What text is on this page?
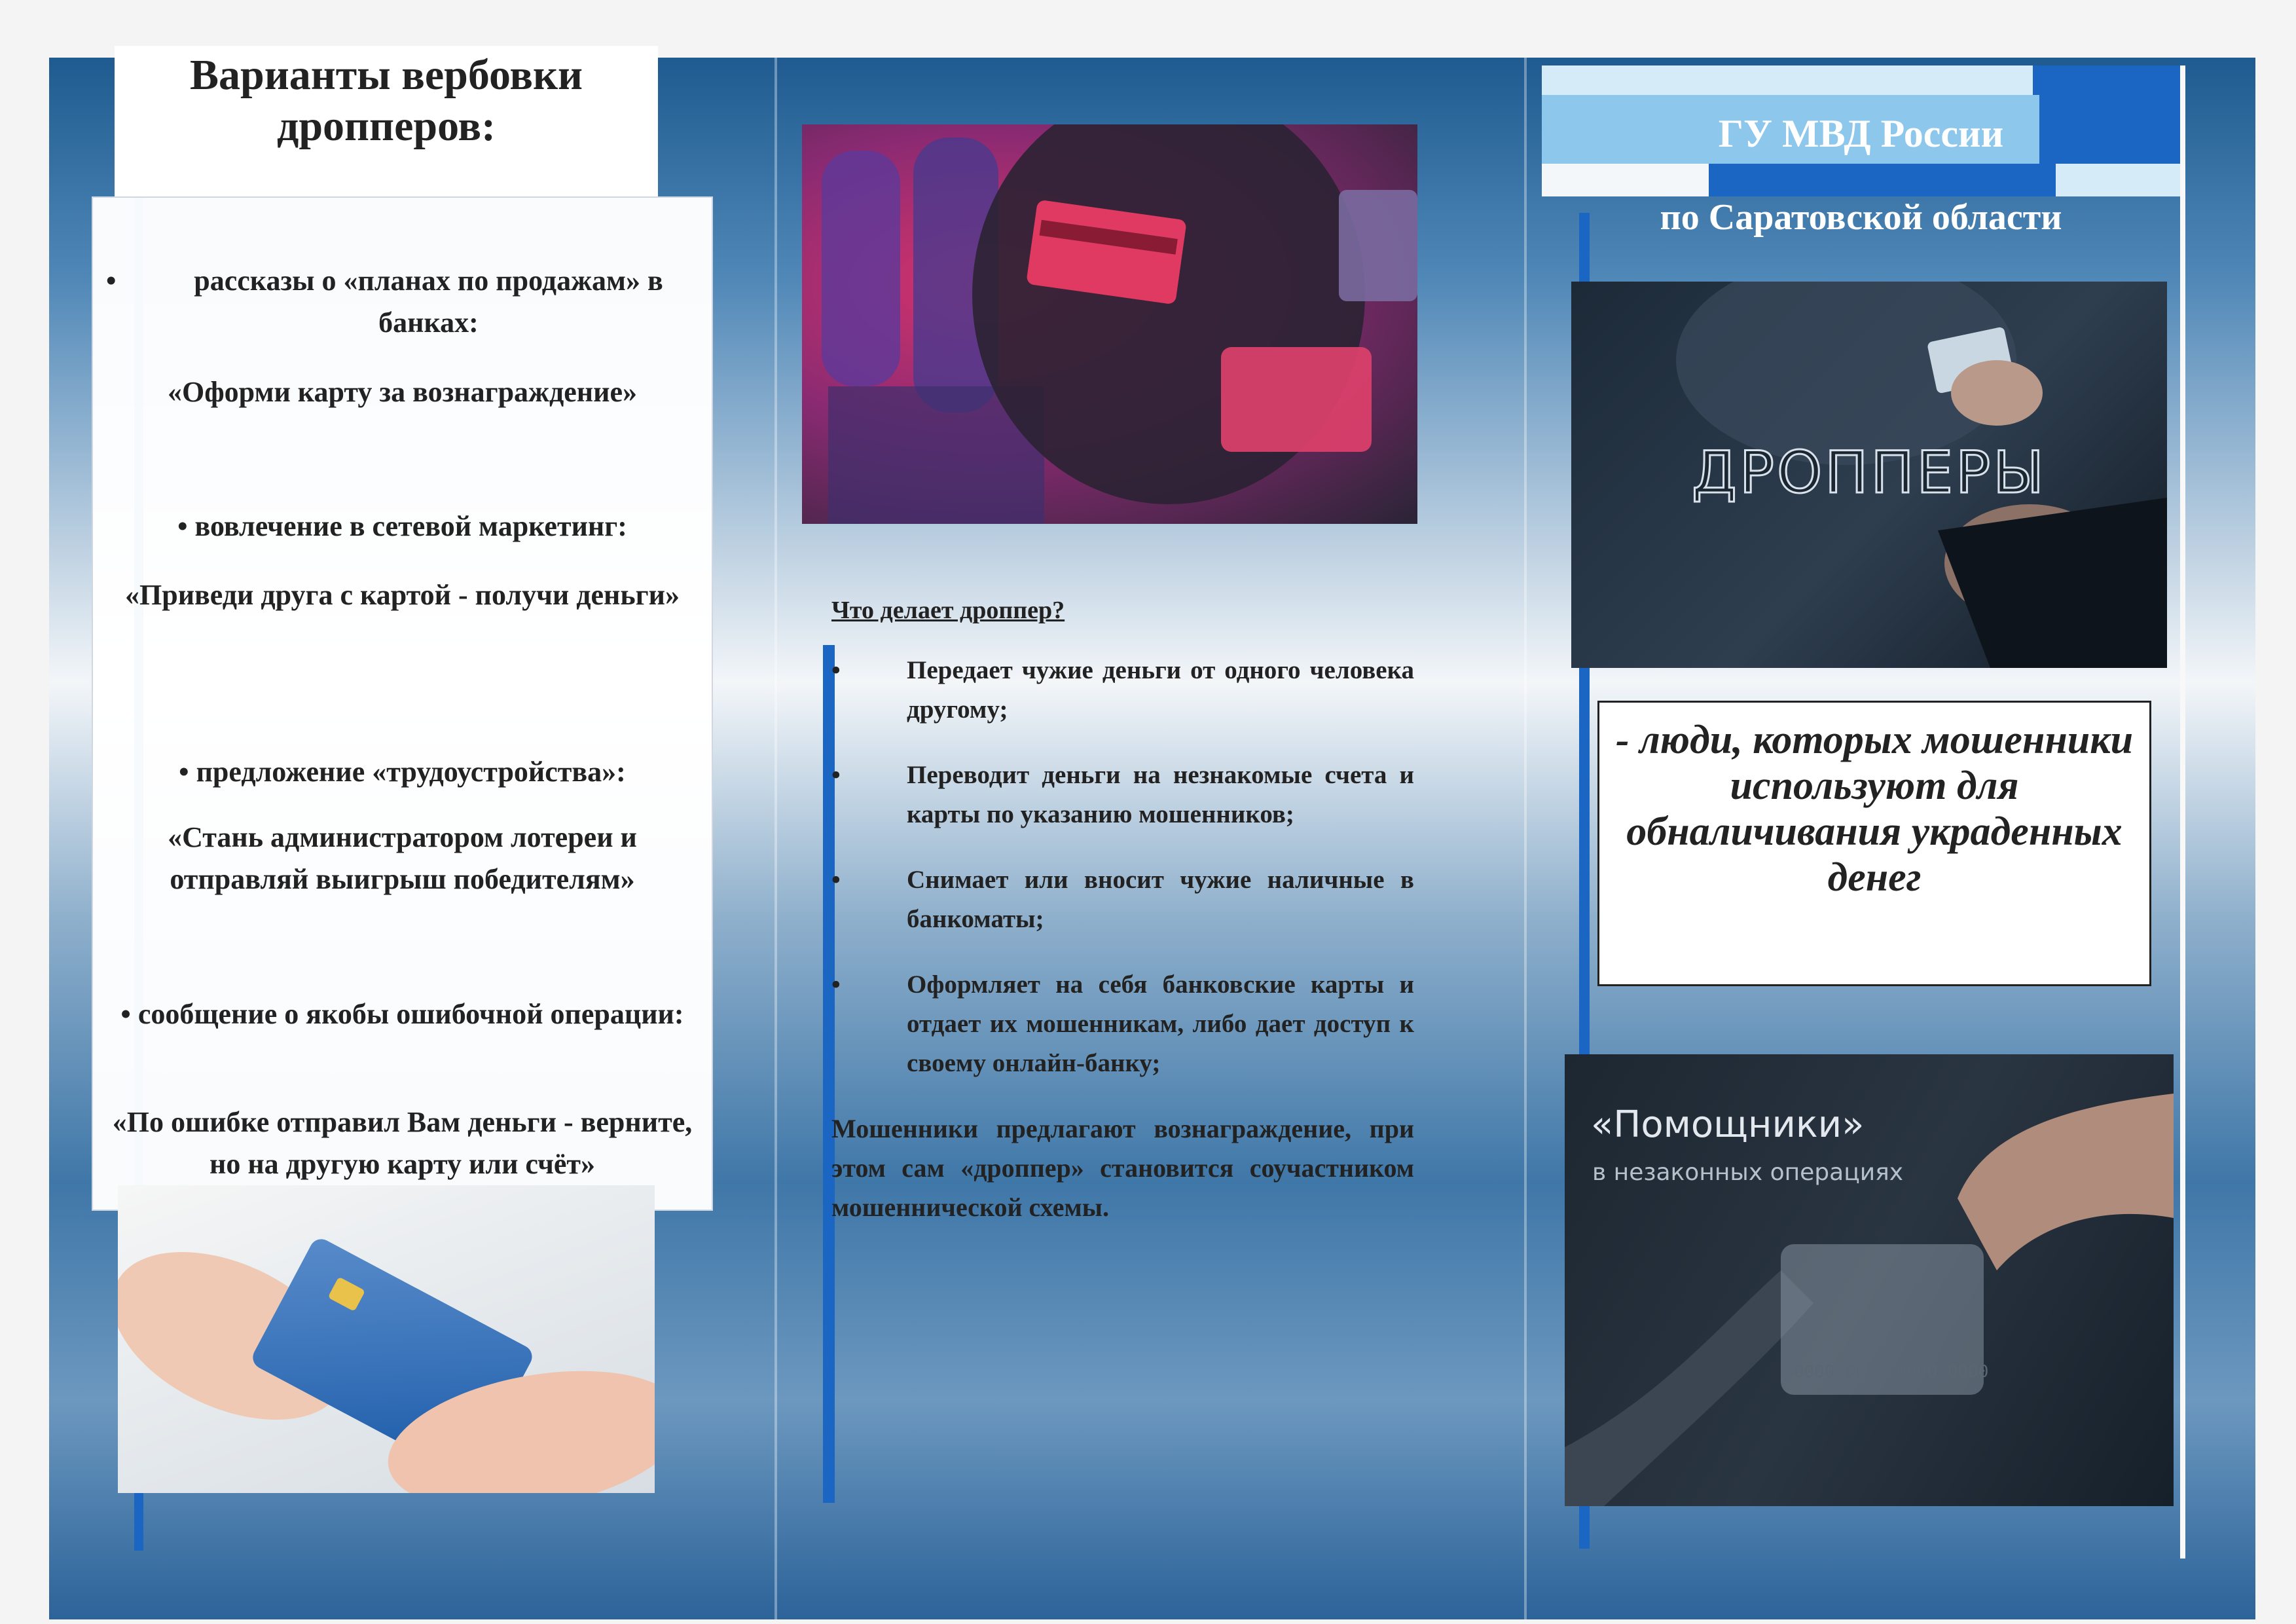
Варианты вербовки
дропперов:
•	рассказы о «планах по продажам» в банках:
«Оформи карту за вознаграждение»
• вовлечение в сетевой маркетинг:
«Приведи друга с картой - получи деньги»
• предложение «трудоустройства»:
«Стань администратором лотереи и отправляй выигрыш победителям»
• сообщение о якобы ошибочной операции:
«По ошибке отправил Вам деньги - верните, но на другую карту или счёт»
Что делает дроппер?
•	Передает чужие деньги от одного человека другому;
•	Переводит деньги на незнакомые счета и карты по указанию мошенников;
•	Снимает или вносит чужие наличные в банкоматы;
•	Оформляет на себя банковские карты и отдает их мошенникам, либо дает доступ к своему онлайн-банку;
Мошенники предлагают вознаграждение, при этом сам «дроппер» становится соучастником мошеннической схемы.
ГУ МВД России
по Саратовской области
ДРОППЕРЫ
- люди, которых мошенники используют для обналичивания украденных денег
«Помощники»
в незаконных операциях
0000 0000 0000 0000
